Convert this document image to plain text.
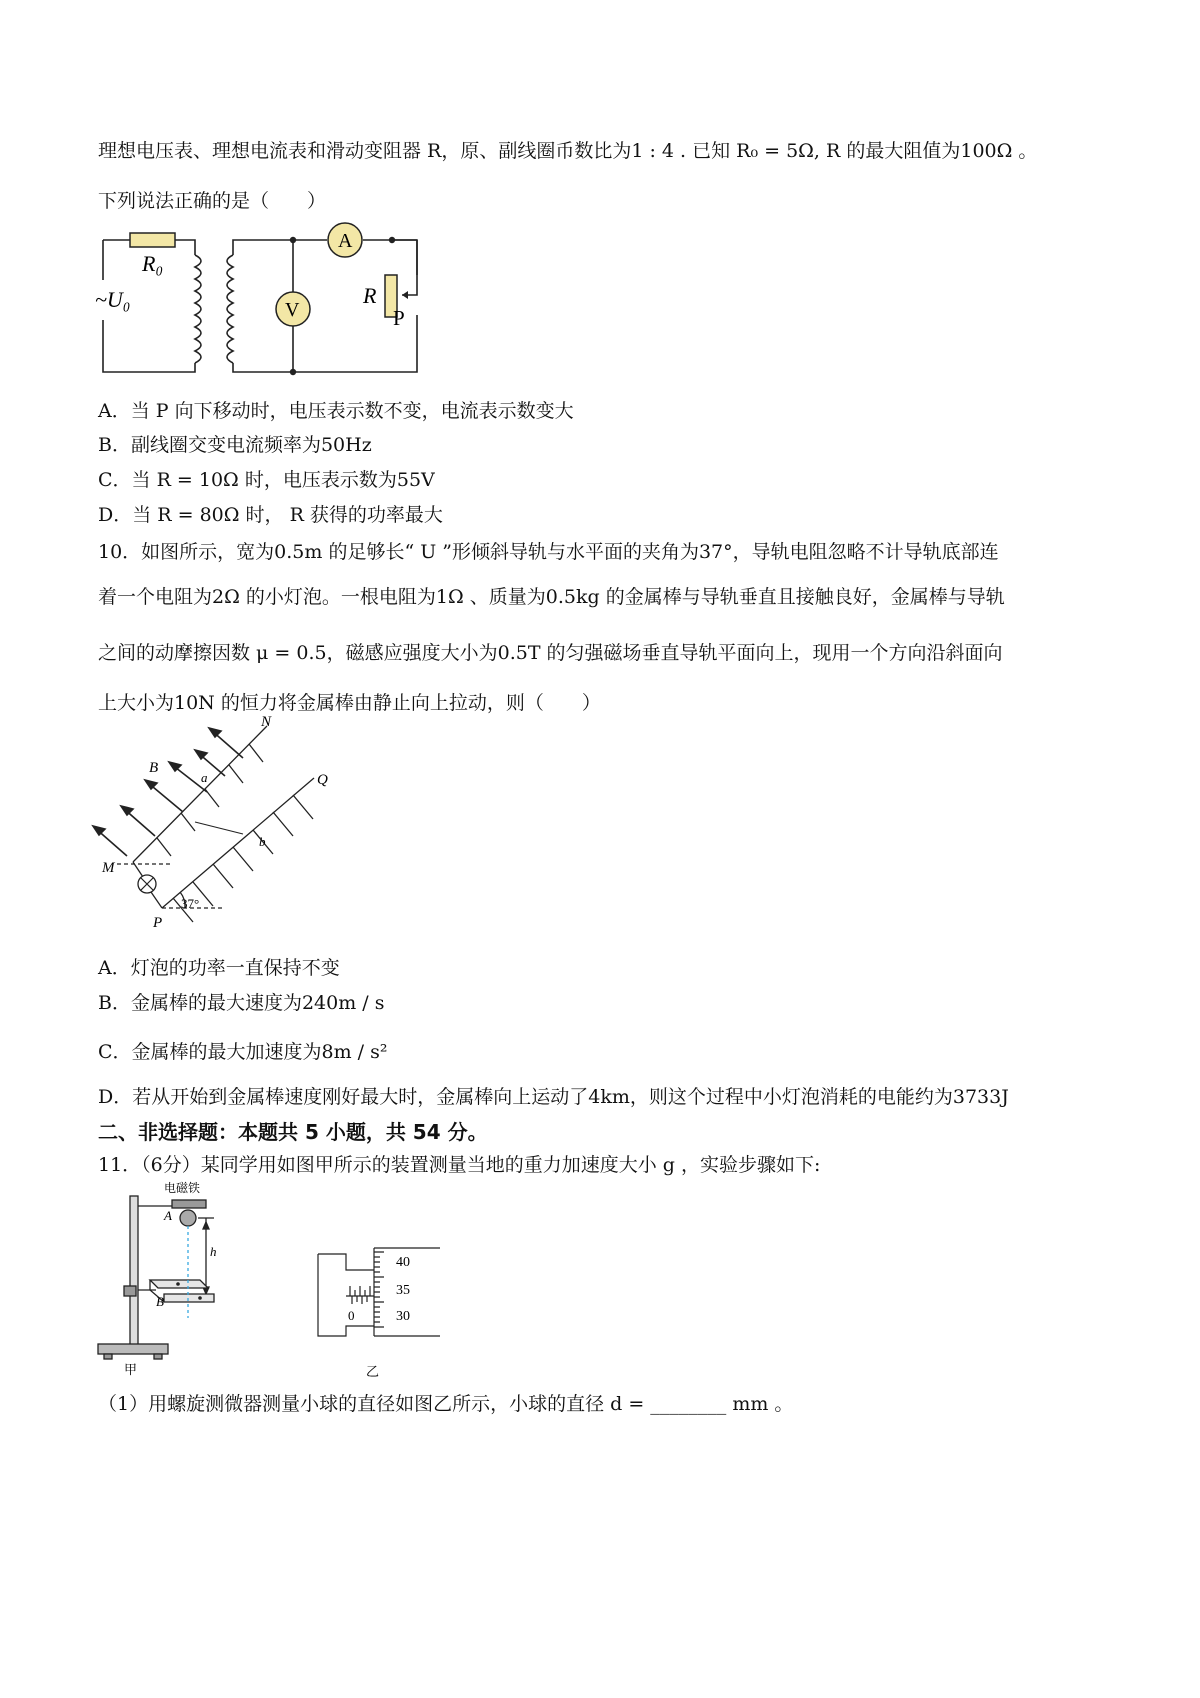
理想电压表、理想电流表和滑动变阻器 R，原、副线圈币数比为1 : 4 . 已知 R₀ = 5Ω, R 的最大阻值为100Ω 。
下列说法正确的是（　　）
R₀
~U₀
A
V
R
P
A．当 P 向下移动时，电压表示数不变，电流表示数变大
B．副线圈交变电流频率为50Hz
C．当 R = 10Ω 时，电压表示数为55V
D．当 R = 80Ω 时， R 获得的功率最大
10．如图所示，宽为0.5m 的足够长“ U ”形倾斜导轨与水平面的夹角为37°，导轨电阻忽略不计导轨底部连
着一个电阻为2Ω 的小灯泡。一根电阻为1Ω 、质量为0.5kg 的金属棒与导轨垂直且接触良好，金属棒与导轨
之间的动摩擦因数 μ = 0.5，磁感应强度大小为0.5T 的匀强磁场垂直导轨平面向上，现用一个方向沿斜面向
上大小为10N 的恒力将金属棒由静止向上拉动，则（　　）
N
Q
B
a
b
M
P
37°
A．灯泡的功率一直保持不变
B．金属棒的最大速度为240m / s
C．金属棒的最大加速度为8m / s²
D．若从开始到金属棒速度刚好最大时，金属棒向上运动了4km，则这个过程中小灯泡消耗的电能约为3733J
二、非选择题：本题共 5 小题，共 54 分。
11．（6分）某同学用如图甲所示的装置测量当地的重力加速度大小 g ，实验步骤如下:
电磁铁
A
h
B
甲
40
35
30
0
乙
（1）用螺旋测微器测量小球的直径如图乙所示，小球的直径 d = ________ mm 。
